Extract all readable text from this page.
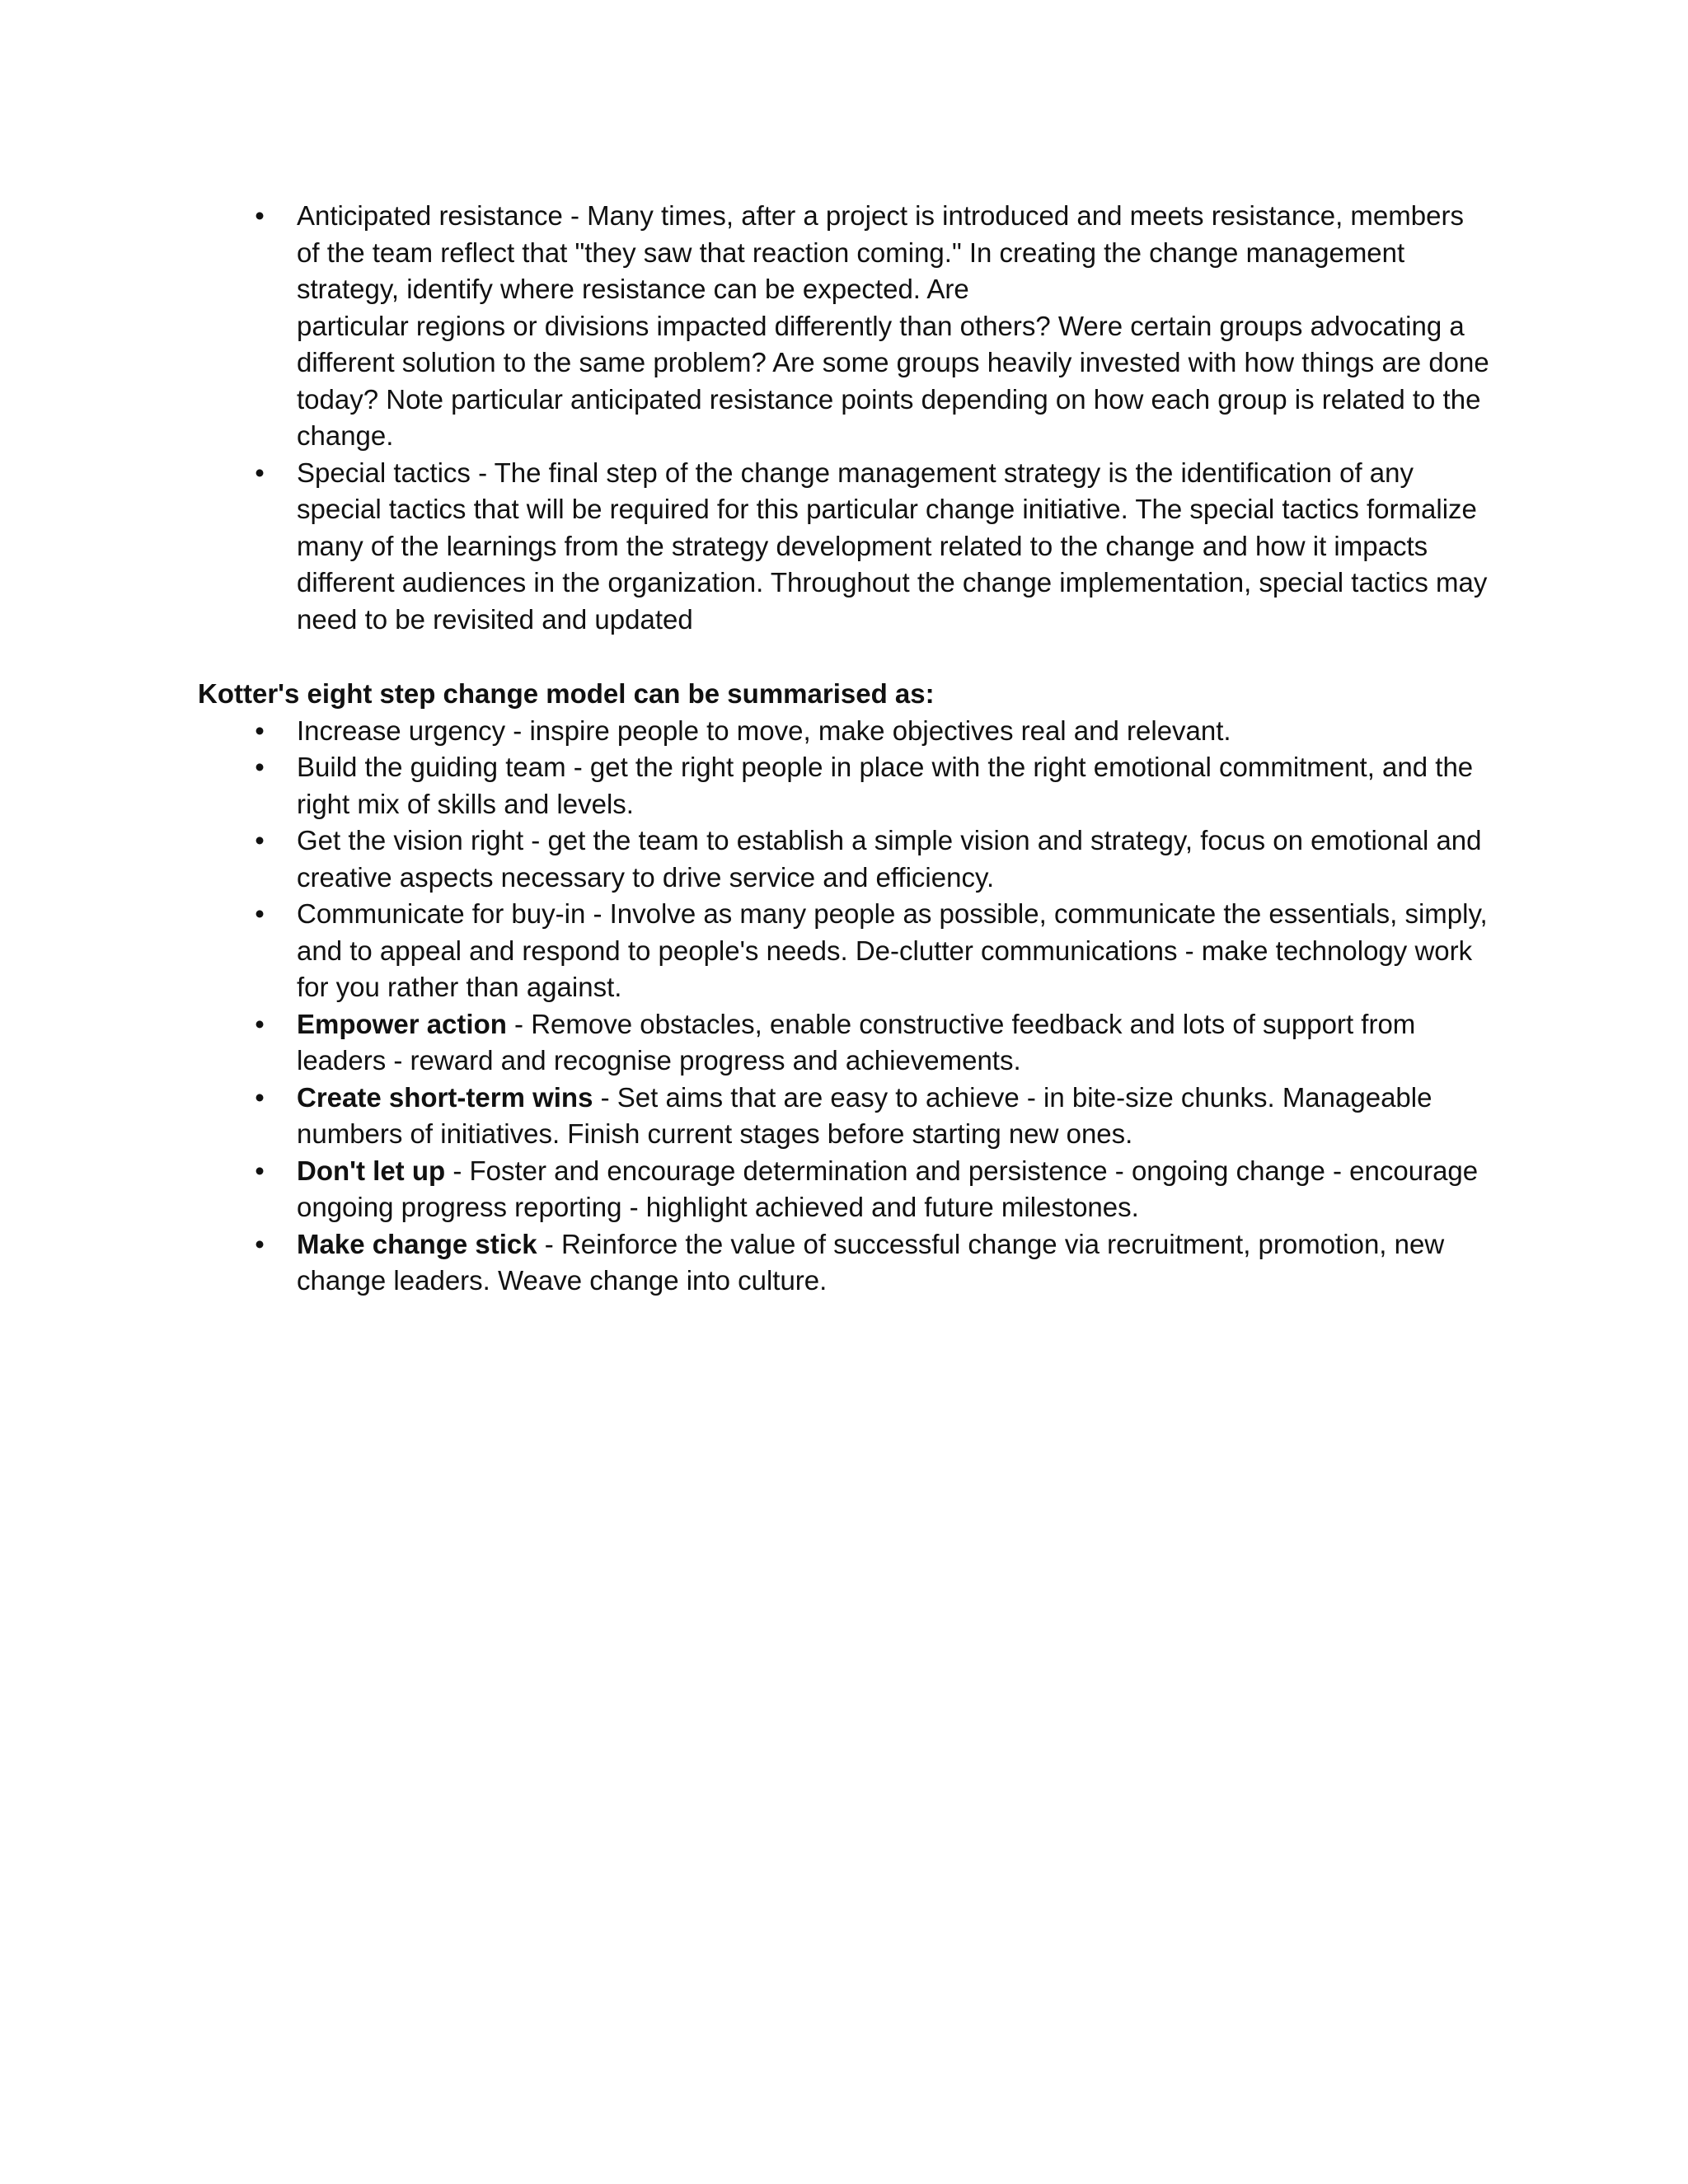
• Anticipated resistance - Many times, after a project is introduced and meets resistance, members of the team reflect that "they saw that reaction coming." In creating the change management strategy, identify where resistance can be expected. Are
particular regions or divisions impacted differently than others? Were certain groups advocating a different solution to the same problem? Are some groups heavily invested with how things are done today? Note particular anticipated resistance points depending on how each group is related to the change.
• Special tactics - The final step of the change management strategy is the identification of any special tactics that will be required for this particular change initiative. The special tactics formalize many of the learnings from the strategy development related to the change and how it impacts different audiences in the organization. Throughout the change implementation, special tactics may need to be revisited and updated
Kotter's eight step change model can be summarised as:
• Increase urgency - inspire people to move, make objectives real and relevant.
• Build the guiding team - get the right people in place with the right emotional commitment, and the right mix of skills and levels.
• Get the vision right - get the team to establish a simple vision and strategy, focus on emotional and creative aspects necessary to drive service and efficiency.
• Communicate for buy-in - Involve as many people as possible, communicate the essentials, simply, and to appeal and respond to people's needs. De-clutter communications - make technology work for you rather than against.
• Empower action - Remove obstacles, enable constructive feedback and lots of support from leaders - reward and recognise progress and achievements.
• Create short-term wins - Set aims that are easy to achieve - in bite-size chunks. Manageable numbers of initiatives. Finish current stages before starting new ones.
• Don't let up - Foster and encourage determination and persistence - ongoing change - encourage ongoing progress reporting - highlight achieved and future milestones.
• Make change stick - Reinforce the value of successful change via recruitment, promotion, new change leaders. Weave change into culture.
